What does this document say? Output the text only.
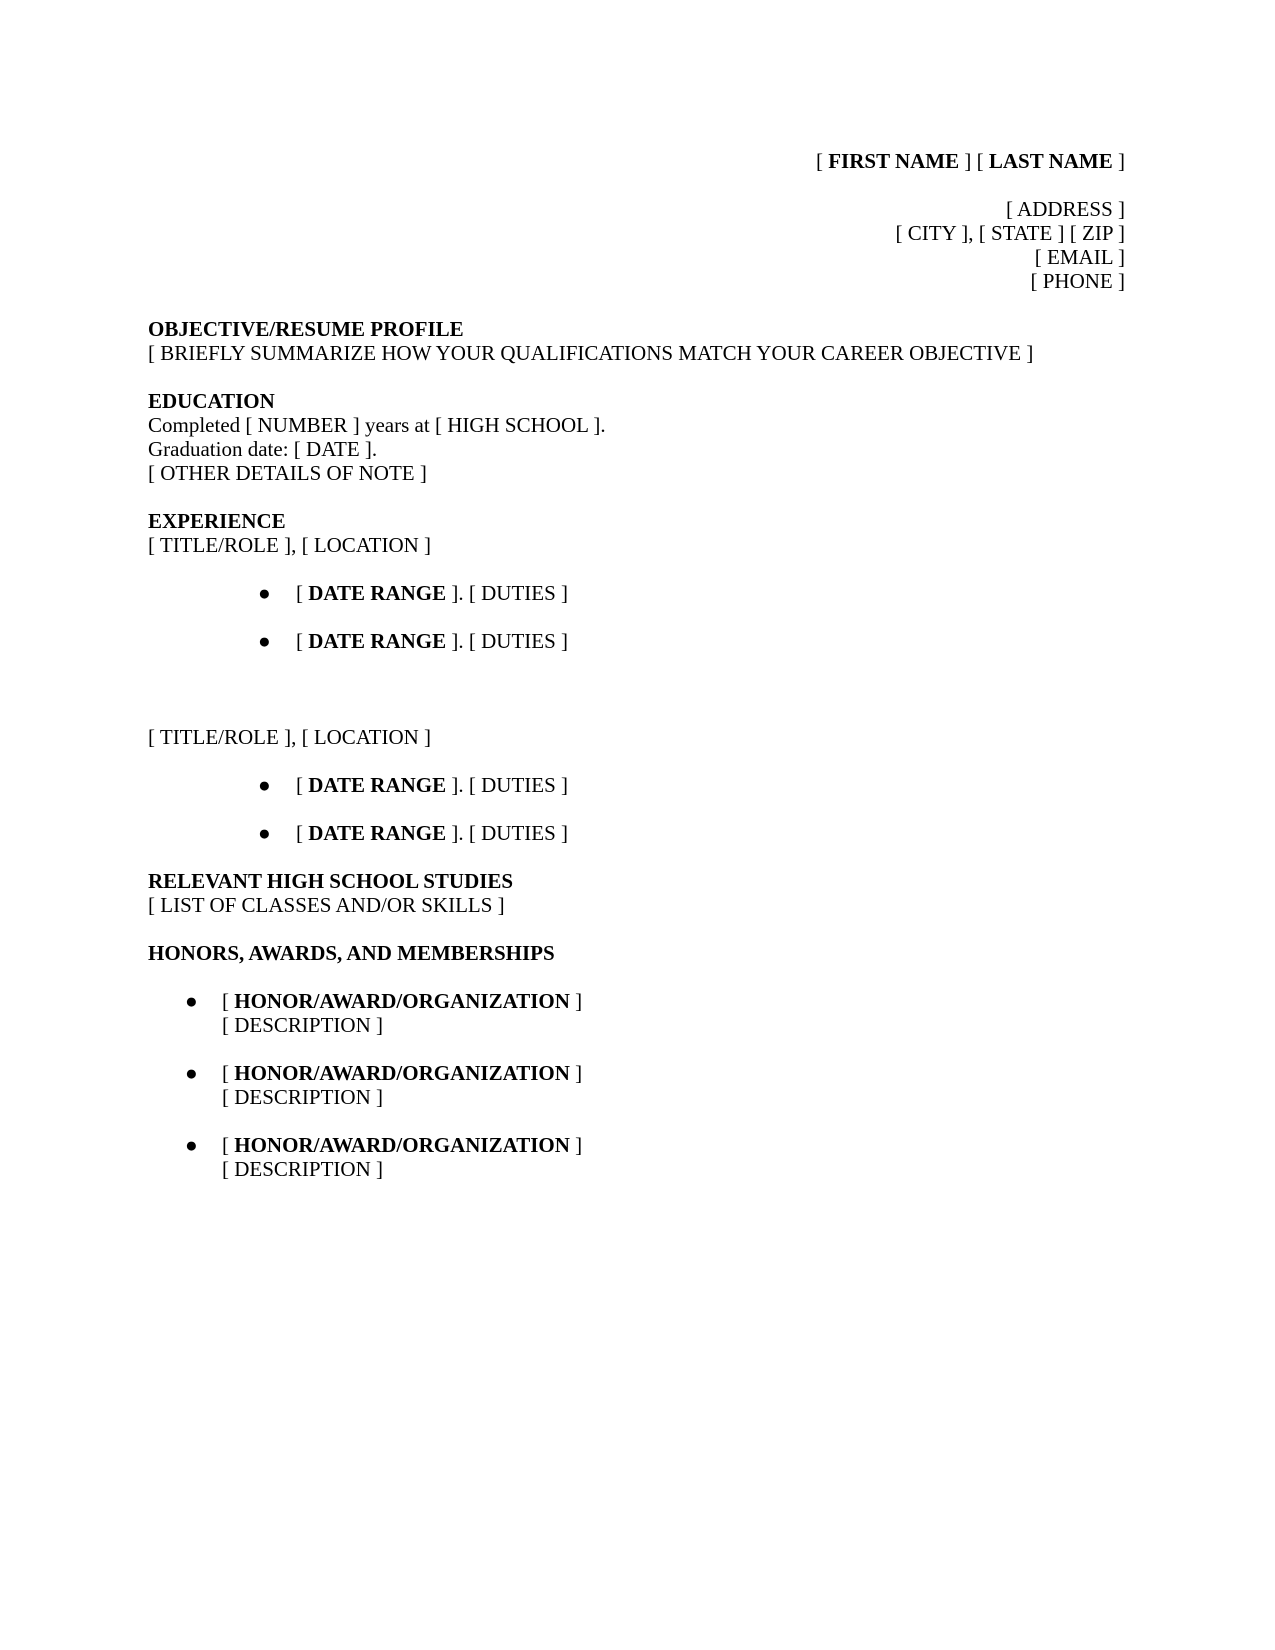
[ FIRST NAME ] [ LAST NAME ]
[ ADDRESS ]
[ CITY ], [ STATE ] [ ZIP ]
[ EMAIL ]
[ PHONE ]
OBJECTIVE/RESUME PROFILE
[ BRIEFLY SUMMARIZE HOW YOUR QUALIFICATIONS MATCH YOUR CAREER OBJECTIVE ]
EDUCATION
Completed [ NUMBER ] years at [ HIGH SCHOOL ].
Graduation date: [ DATE ].
[ OTHER DETAILS OF NOTE ]
EXPERIENCE
[ TITLE/ROLE ], [ LOCATION ]
● [ DATE RANGE ]. [ DUTIES ]
● [ DATE RANGE ]. [ DUTIES ]
[ TITLE/ROLE ], [ LOCATION ]
● [ DATE RANGE ]. [ DUTIES ]
● [ DATE RANGE ]. [ DUTIES ]
RELEVANT HIGH SCHOOL STUDIES
[ LIST OF CLASSES AND/OR SKILLS ]
HONORS, AWARDS, AND MEMBERSHIPS
● [ HONOR/AWARD/ORGANIZATION ]
[ DESCRIPTION ]
● [ HONOR/AWARD/ORGANIZATION ]
[ DESCRIPTION ]
● [ HONOR/AWARD/ORGANIZATION ]
[ DESCRIPTION ]
